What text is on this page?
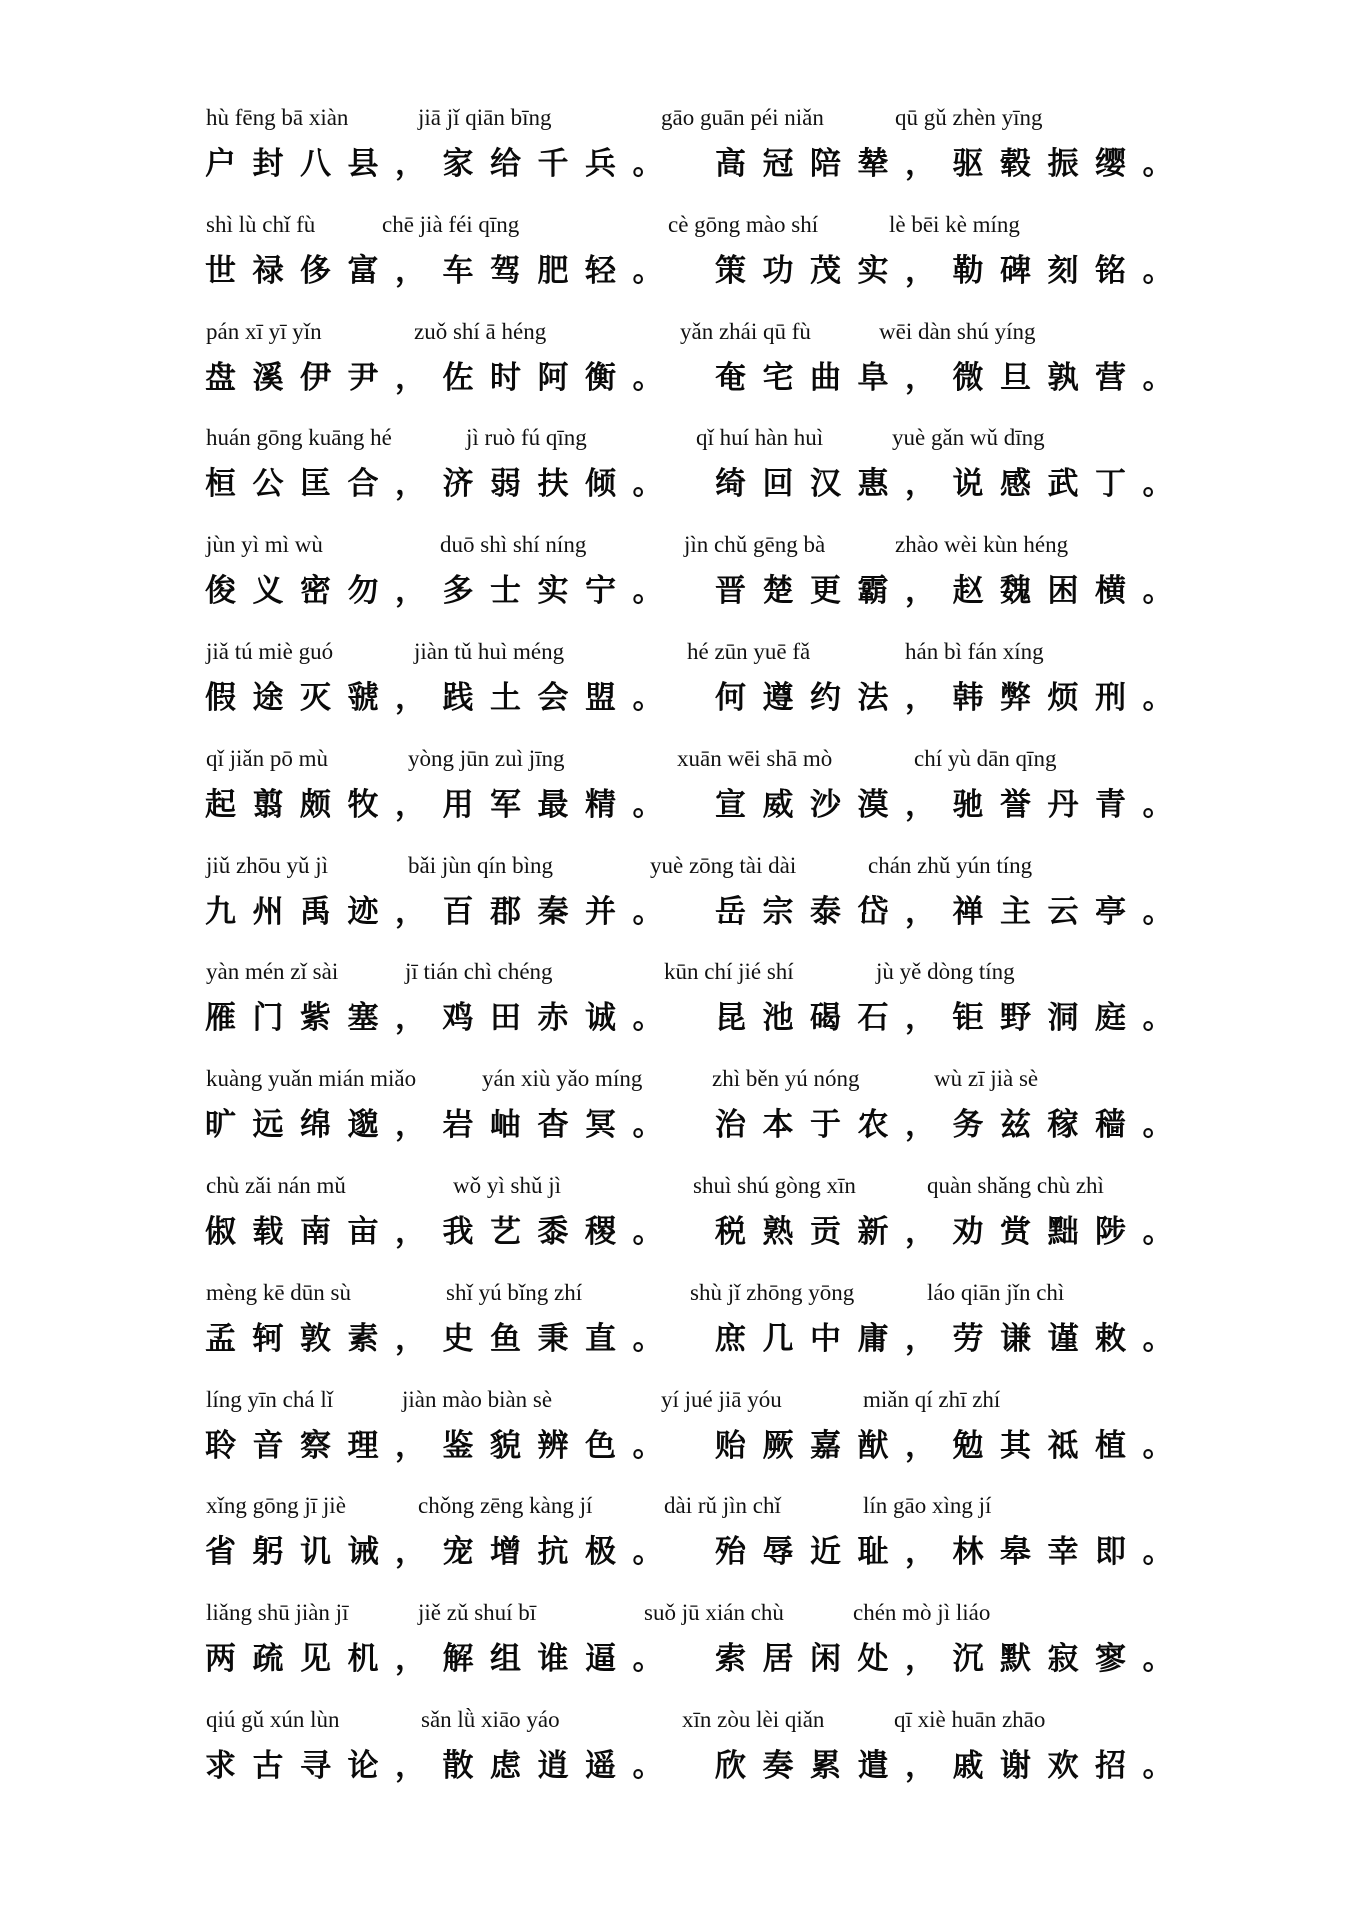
hù fēng bā xiàn	jiā jǐ qiān bīng	gāo guān péi niǎn	qū gǔ zhèn yīng
户封八县，家给千兵。 高冠陪辇，驱毂振缨。
shì lù chǐ fù	chē jià féi qīng	cè gōng mào shí	lè bēi kè míng
世禄侈富，车驾肥轻。 策功茂实，勒碑刻铭。
pán xī yī yǐn	zuǒ shí ā héng	yǎn zhái qū fù	wēi dàn shú yíng
盘溪伊尹，佐时阿衡。 奄宅曲阜，微旦孰营。
huán gōng kuāng hé	jì ruò fú qīng	qǐ huí hàn huì	yuè gǎn wǔ dīng
桓公匡合，济弱扶倾。 绮回汉惠，说感武丁。
jùn yì mì wù	duō shì shí níng	jìn chǔ gēng bà	zhào wèi kùn héng
俊义密勿，多士实宁。 晋楚更霸，赵魏困横。
jiǎ tú miè guó	jiàn tǔ huì méng	hé zūn yuē fǎ	hán bì fán xíng
假途灭虢，践土会盟。 何遵约法，韩弊烦刑。
qǐ jiǎn pō mù	yòng jūn zuì jīng	xuān wēi shā mò	chí yù dān qīng
起翦颇牧，用军最精。 宣威沙漠，驰誉丹青。
jiǔ zhōu yǔ jì	bǎi jùn qín bìng	yuè zōng tài dài	chán zhǔ yún tíng
九州禹迹，百郡秦并。 岳宗泰岱，禅主云亭。
yàn mén zǐ sài	jī tián chì chéng	kūn chí jié shí	jù yě dòng tíng
雁门紫塞，鸡田赤诚。 昆池碣石，钜野洞庭。
kuàng yuǎn mián miǎo	yán xiù yǎo míng	zhì běn yú nóng	wù zī jià sè
旷远绵邈，岩岫杳冥。 治本于农，务兹稼穑。
chù zǎi nán mǔ	wǒ yì shǔ jì	shuì shú gòng xīn	quàn shǎng chù zhì
俶载南亩，我艺黍稷。 税熟贡新，劝赏黜陟。
mèng kē dūn sù	shǐ yú bǐng zhí	shù jǐ zhōng yōng	láo qiān jǐn chì
孟轲敦素，史鱼秉直。 庶几中庸，劳谦谨敕。
líng yīn chá lǐ	jiàn mào biàn sè	yí jué jiā yóu	miǎn qí zhī zhí
聆音察理，鉴貌辨色。 贻厥嘉猷，勉其祗植。
xǐng gōng jī jiè	chǒng zēng kàng jí	dài rǔ jìn chǐ	lín gāo xìng jí
省躬讥诫，宠增抗极。 殆辱近耻，林皋幸即。
liǎng shū jiàn jī	jiě zǔ shuí bī	suǒ jū xián chù	chén mò jì liáo
两疏见机，解组谁逼。 索居闲处，沉默寂寥。
qiú gǔ xún lùn	sǎn lǜ xiāo yáo	xīn zòu lèi qiǎn	qī xiè huān zhāo
求古寻论，散虑逍遥。 欣奏累遣，戚谢欢招。
